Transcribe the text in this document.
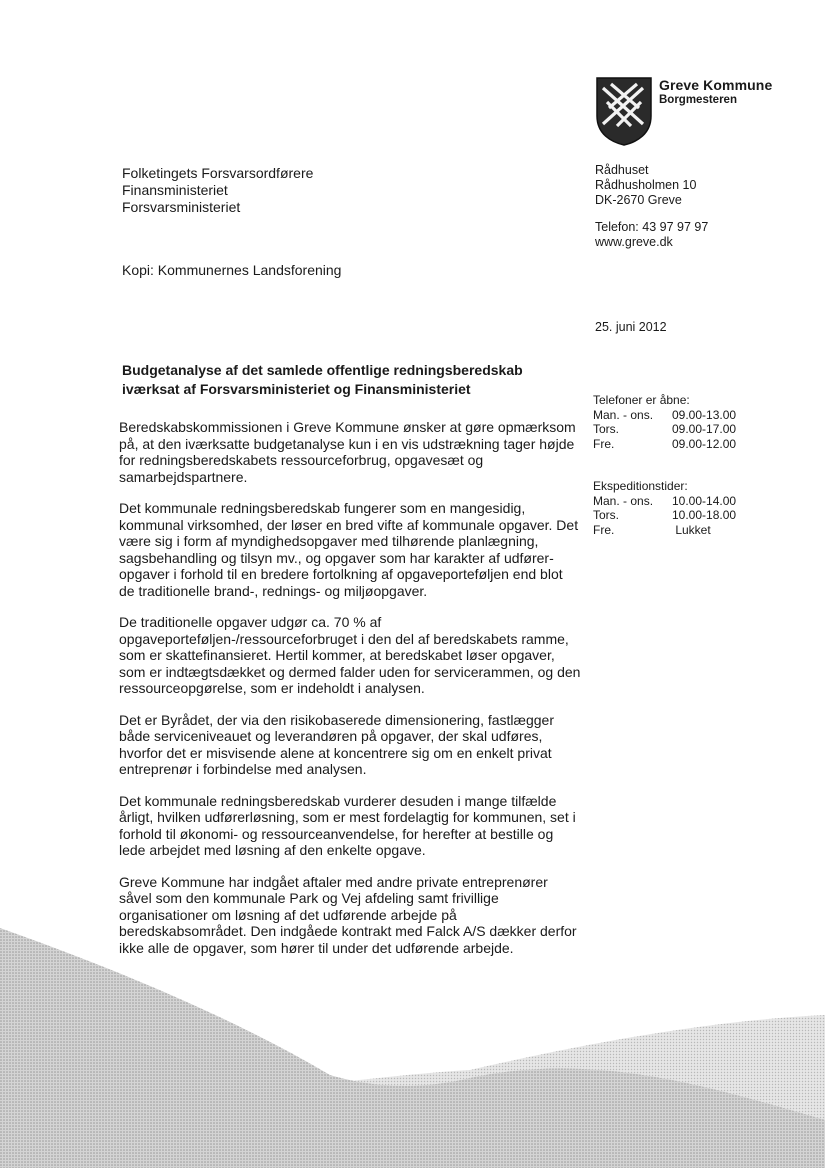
Greve Kommune
Borgmesteren
Folketingets Forsvarsordførere
Finansministeriet
Forsvarsministeriet
Kopi: Kommunernes Landsforening
Rådhuset
Rådhusholmen 10
DK-2670 Greve
Telefon: 43 97 97 97
www.greve.dk
25. juni 2012
Telefoner er åbne:
Man. - ons.	09.00-13.00
Tors.	09.00-17.00
Fre.	09.00-12.00
Ekspeditionstider:
Man. - ons.	10.00-14.00
Tors.	10.00-18.00
Fre.	Lukket
Budgetanalyse af det samlede offentlige redningsberedskab iværksat af Forsvarsministeriet og Finansministeriet

Beredskabskommissionen i Greve Kommune ønsker at gøre opmærksom på, at den iværksatte budgetanalyse kun i en vis udstrækning tager højde for redningsberedskabets ressourceforbrug, opgavesæt og samarbejdspartnere.

Det kommunale redningsberedskab fungerer som en mangesidig, kommunal virksomhed, der løser en bred vifte af kommunale opgaver. Det være sig i form af myndighedsopgaver med tilhørende planlægning, sagsbehandling og tilsyn mv., og opgaver som har karakter af udfører-opgaver i forhold til en bredere fortolkning af opgaveporteføljen end blot de traditionelle brand-, rednings- og miljøopgaver.

De traditionelle opgaver udgør ca. 70 % af opgaveporteføljen-/ressourceforbruget i den del af beredskabets ramme, som er skattefinansieret. Hertil kommer, at beredskabet løser opgaver, som er indtægtsdækket og dermed falder uden for servicerammen, og den ressourceopgørelse, som er indeholdt i analysen.

Det er Byrådet, der via den risikobaserede dimensionering, fastlægger både serviceniveauet og leverandøren på opgaver, der skal udføres, hvorfor det er misvisende alene at koncentrere sig om en enkelt privat entreprenør i forbindelse med analysen.

Det kommunale redningsberedskab vurderer desuden i mange tilfælde årligt, hvilken udførerløsning, som er mest fordelagtig for kommunen, set i forhold til økonomi- og ressourceanvendelse, for herefter at bestille og lede arbejdet med løsning af den enkelte opgave.

Greve Kommune har indgået aftaler med andre private entreprenører såvel som den kommunale Park og Vej afdeling samt frivillige organisationer om løsning af det udførende arbejde på beredskabsområdet. Den indgåede kontrakt med Falck A/S dækker derfor ikke alle de opgaver, som hører til under det udførende arbejde.
